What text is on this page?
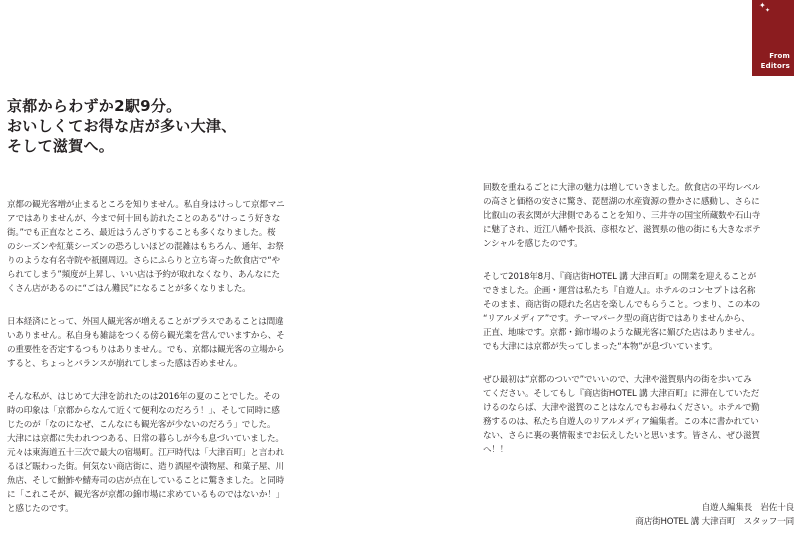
✦
✦
From
Editors
京都からわずか2駅9分。
おいしくてお得な店が多い大津、
そして滋賀へ。

京都の観光客増が止まるところを知りません。私自身はけっして京都マニ
アではありませんが、今まで何十回も訪れたことのある“けっこう好きな
街。”でも正直なところ、最近はうんざりすることも多くなりました。桜
のシーズンや紅葉シーズンの恐ろしいほどの混雑はもちろん、通年、お祭
りのような有名寺院や祇園周辺。さらにふらりと立ち寄った飲食店で“や
られてしまう”頻度が上昇し、いい店は予約が取れなくなり、あんなにた
くさん店があるのに“ごはん難民”になることが多くなりました。

日本経済にとって、外国人観光客が増えることがプラスであることは間違
いありません。私自身も雑誌をつくる傍ら観光業を営んでいますから、そ
の重要性を否定するつもりはありません。でも、京都は観光客の立場から
すると、ちょっとバランスが崩れてしまった感は否めません。

そんな私が、はじめて大津を訪れたのは2016年の夏のことでした。その
時の印象は「京都からなんて近くて便利なのだろう！」、そして同時に感
じたのが「なのになぜ、こんなにも観光客が少ないのだろう」でした。
大津には京都に失われつつある、日常の暮らしが今も息づいていました。
元々は東海道五十三次で最大の宿場町。江戸時代は「大津百町」と言われ
るほど賑わった街。何気ない商店街に、造り酒屋や漬物屋、和菓子屋、川
魚店、そして鮒鮓や鯖寿司の店が点在していることに驚きました。と同時
に「これこそが、観光客が京都の錦市場に求めているものではないか！」
と感じたのです。

回数を重ねるごとに大津の魅力は増していきました。飲食店の平均レベル
の高さと価格の安さに驚き、琵琶湖の水産資源の豊かさに感動し、さらに
比叡山の表玄関が大津側であることを知り、三井寺の国宝所蔵数や石山寺
に魅了され、近江八幡や長浜、彦根など、滋賀県の他の街にも大きなポテ
ンシャルを感じたのです。

そして2018年8月、『商店街HOTEL 講 大津百町』の開業を迎えることが
できました。企画・運営は私たち『自遊人』。ホテルのコンセプトは名称
そのまま、商店街の隠れた名店を楽しんでもらうこと。つまり、この本の
“リアルメディア”です。テーマパーク型の商店街ではありませんから、
正直、地味です。京都・錦市場のような観光客に媚びた店はありません。
でも大津には京都が失ってしまった“本物”が息づいています。

ぜひ最初は“京都のついで”でいいので、大津や滋賀県内の街を歩いてみ
てください。そしてもし『商店街HOTEL 講 大津百町』に滞在していただ
けるのならば、大津や滋賀のことはなんでもお尋ねください。ホテルで勤
務するのは、私たち自遊人のリアルメディア編集者。この本に書かれてい
ない、さらに裏の裏情報までお伝えしたいと思います。皆さん、ぜひ滋賀
へ！！

自遊人編集長　岩佐十良
商店街HOTEL 講 大津百町　スタッフ一同
